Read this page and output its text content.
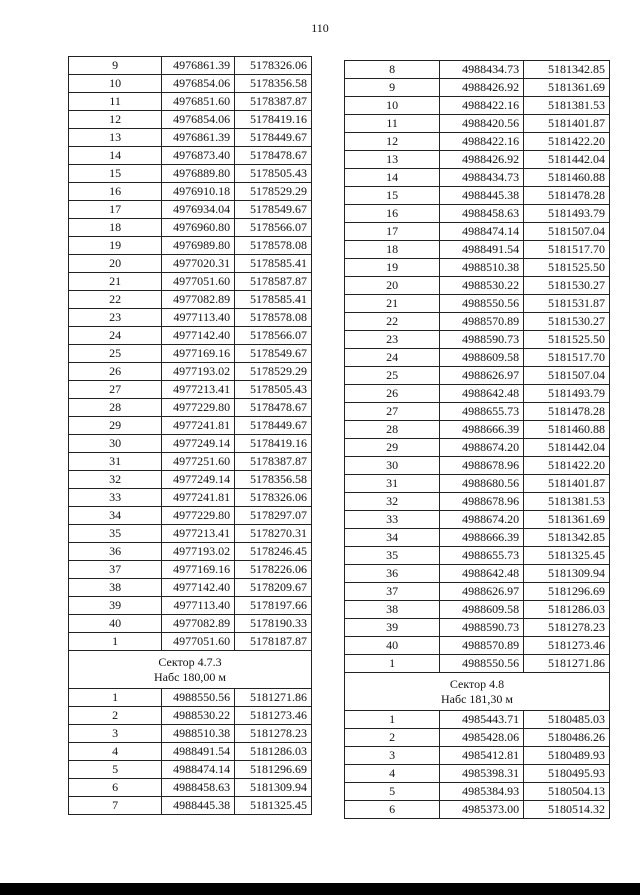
110
9	4976861.39	5178326.06
10	4976854.06	5178356.58
11	4976851.60	5178387.87
12	4976854.06	5178419.16
13	4976861.39	5178449.67
14	4976873.40	5178478.67
15	4976889.80	5178505.43
16	4976910.18	5178529.29
17	4976934.04	5178549.67
18	4976960.80	5178566.07
19	4976989.80	5178578.08
20	4977020.31	5178585.41
21	4977051.60	5178587.87
22	4977082.89	5178585.41
23	4977113.40	5178578.08
24	4977142.40	5178566.07
25	4977169.16	5178549.67
26	4977193.02	5178529.29
27	4977213.41	5178505.43
28	4977229.80	5178478.67
29	4977241.81	5178449.67
30	4977249.14	5178419.16
31	4977251.60	5178387.87
32	4977249.14	5178356.58
33	4977241.81	5178326.06
34	4977229.80	5178297.07
35	4977213.41	5178270.31
36	4977193.02	5178246.45
37	4977169.16	5178226.06
38	4977142.40	5178209.67
39	4977113.40	5178197.66
40	4977082.89	5178190.33
1	4977051.60	5178187.87

Сектор 4.7.3
Набс 180,00 м		

1	4988550.56	5181271.86
2	4988530.22	5181273.46
3	4988510.38	5181278.23
4	4988491.54	5181286.03
5	4988474.14	5181296.69
6	4988458.63	5181309.94
7	4988445.38	5181325.45
8	4988434.73	5181342.85
9	4988426.92	5181361.69
10	4988422.16	5181381.53
11	4988420.56	5181401.87
12	4988422.16	5181422.20
13	4988426.92	5181442.04
14	4988434.73	5181460.88
15	4988445.38	5181478.28
16	4988458.63	5181493.79
17	4988474.14	5181507.04
18	4988491.54	5181517.70
19	4988510.38	5181525.50
20	4988530.22	5181530.27
21	4988550.56	5181531.87
22	4988570.89	5181530.27
23	4988590.73	5181525.50
24	4988609.58	5181517.70
25	4988626.97	5181507.04
26	4988642.48	5181493.79
27	4988655.73	5181478.28
28	4988666.39	5181460.88
29	4988674.20	5181442.04
30	4988678.96	5181422.20
31	4988680.56	5181401.87
32	4988678.96	5181381.53
33	4988674.20	5181361.69
34	4988666.39	5181342.85
35	4988655.73	5181325.45
36	4988642.48	5181309.94
37	4988626.97	5181296.69
38	4988609.58	5181286.03
39	4988590.73	5181278.23
40	4988570.89	5181273.46
1	4988550.56	5181271.86

Сектор 4.8
Набс 181,30 м		

1	4985443.71	5180485.03
2	4985428.06	5180486.26
3	4985412.81	5180489.93
4	4985398.31	5180495.93
5	4985384.93	5180504.13
6	4985373.00	5180514.32
